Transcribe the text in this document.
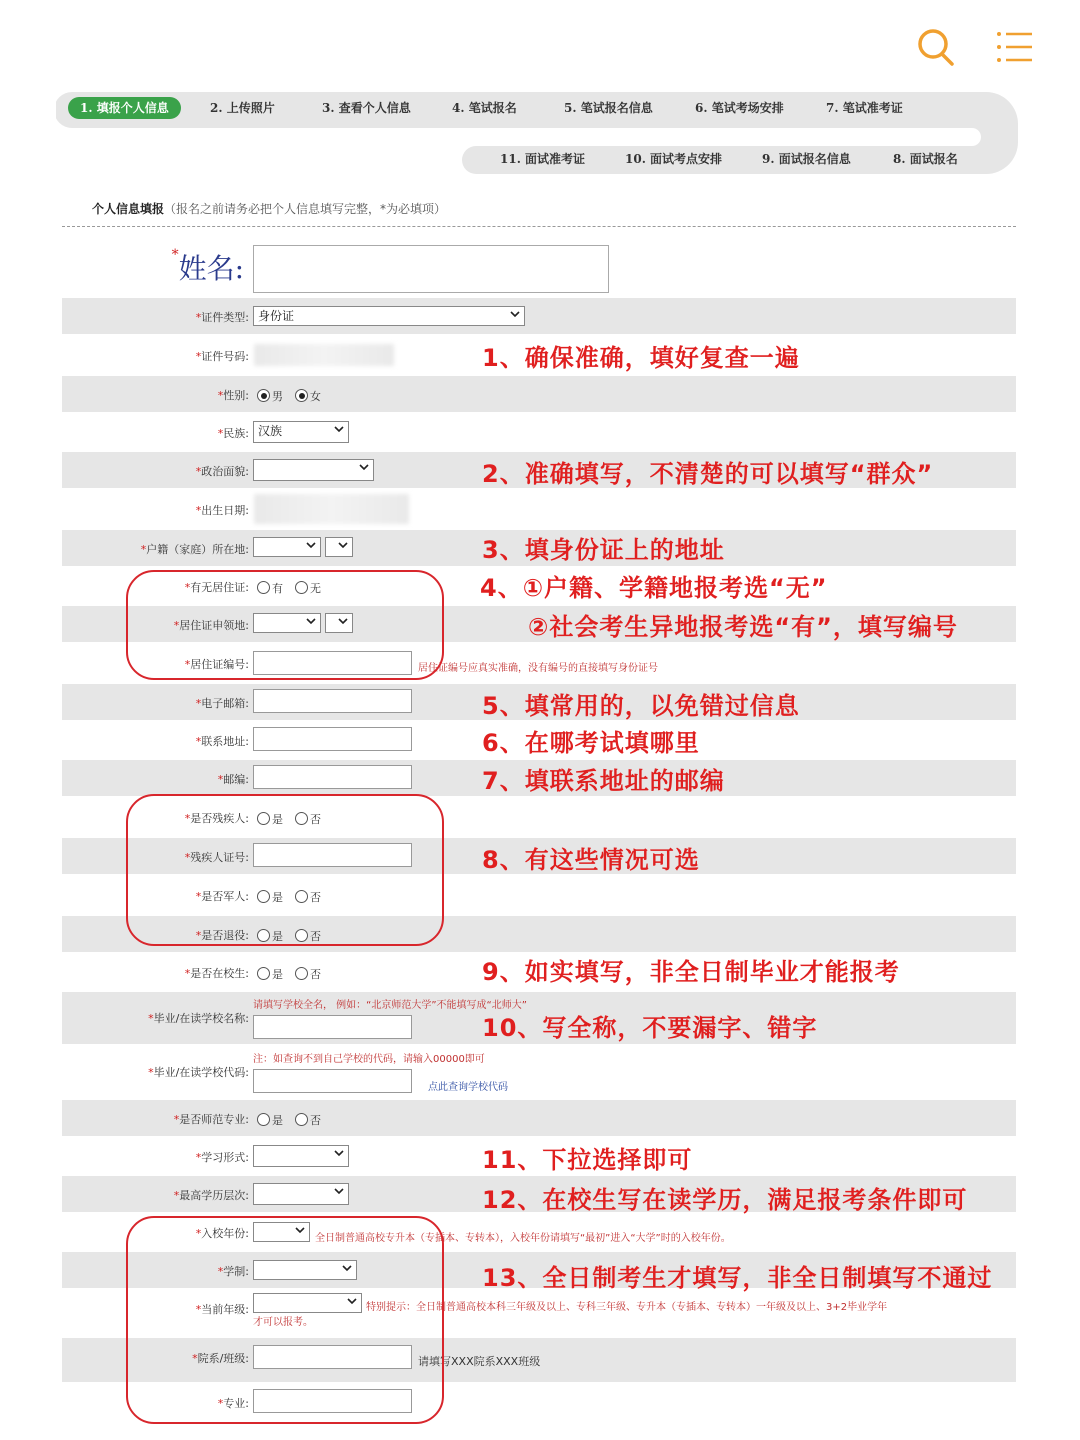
1. 填报个人信息	2. 上传照片	3. 查看个人信息	4. 笔试报名	5. 笔试报名信息	6. 笔试考场安排	7. 笔试准考证
11. 面试准考证	10. 面试考点安排	9. 面试报名信息	8. 面试报名
个人信息填报（报名之前请务必把个人信息填写完整，*为必填项）
*姓名:
*证件类型: 身份证
*证件号码:
*性别:	男	女
*民族: 汉族
*政治面貌:
*出生日期:
*户籍（家庭）所在地:
*有无居住证:	有	无
*居住证申领地:
*居住证编号:	居住证编号应真实准确，没有编号的直接填写身份证号
*电子邮箱:
*联系地址:
*邮编:
*是否残疾人:	是	否
*残疾人证号:
*是否军人:	是	否
*是否退役:	是	否
*是否在校生:	是	否
请填写学校全名， 例如：“北京师范大学”不能填写成“北师大”
*毕业/在读学校名称:
注：如查询不到自己学校的代码，请输入00000即可
*毕业/在读学校代码:
点此查询学校代码
*是否师范专业:	是	否
*学习形式:
*最高学历层次:
*入校年份:	全日制普通高校专升本（专插本、专转本），入校年份请填写“最初”进入“大学”时的入校年份。
*学制:
*当前年级:	特别提示：全日制普通高校本科三年级及以上、专科三年级、专升本（专插本、专转本）一年级及以上、3+2毕业学年
才可以报考。
*院系/班级:	请填写XXX院系XXX班级
*专业:
1、确保准确，填好复查一遍
2、准确填写，不清楚的可以填写“群众”
3、填身份证上的地址
4、①户籍、学籍地报考选“无”
②社会考生异地报考选“有”，填写编号
5、填常用的，以免错过信息
6、在哪考试填哪里
7、填联系地址的邮编
8、有这些情况可选
9、如实填写，非全日制毕业才能报考
10、写全称，不要漏字、错字
11、下拉选择即可
12、在校生写在读学历，满足报考条件即可
13、全日制考生才填写，非全日制填写不通过
